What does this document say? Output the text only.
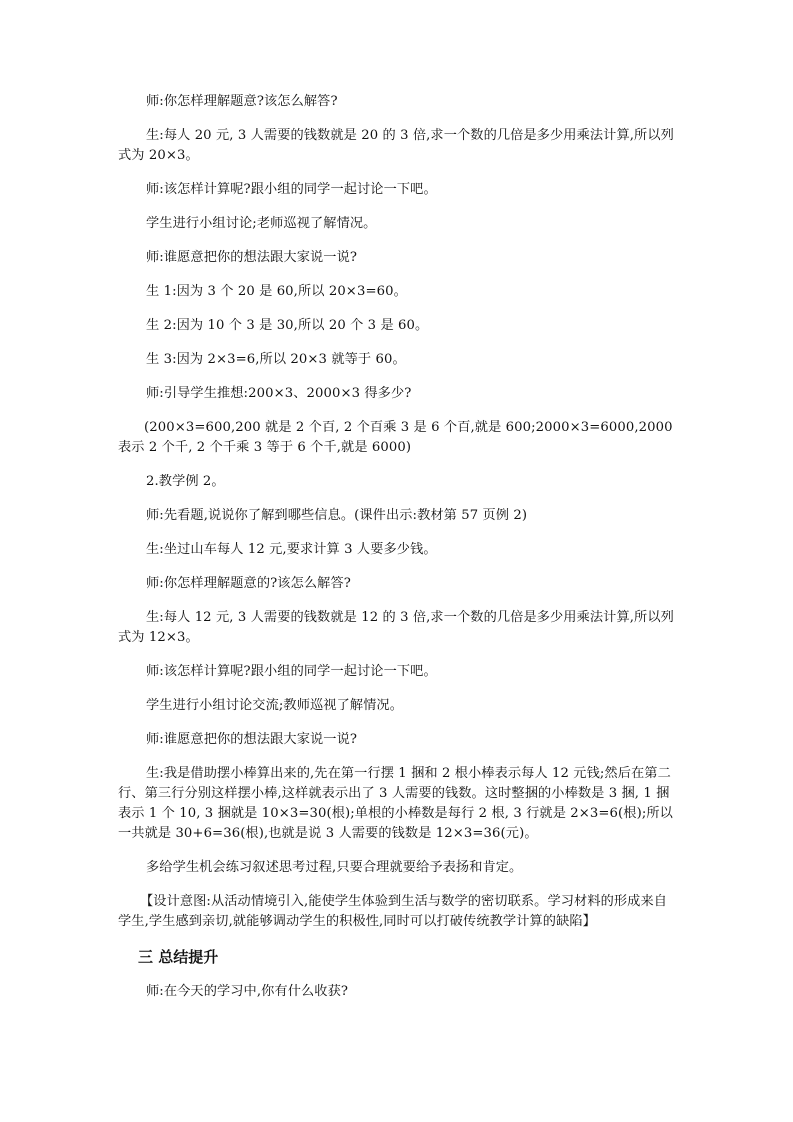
师:你怎样理解题意?该怎么解答?

生:每人 20 元, 3 人需要的钱数就是 20 的 3 倍,求一个数的几倍是多少用乘法计算,所以列式为 20×3。

师:该怎样计算呢?跟小组的同学一起讨论一下吧。

学生进行小组讨论;老师巡视了解情况。

师:谁愿意把你的想法跟大家说一说?

生 1:因为 3 个 20 是 60,所以 20×3=60。

生 2:因为 10 个 3 是 30,所以 20 个 3 是 60。

生 3:因为 2×3=6,所以 20×3 就等于 60。

师:引导学生推想:200×3、2000×3 得多少?

(200×3=600,200 就是 2 个百, 2 个百乘 3 是 6 个百,就是 600;2000×3=6000,2000 表示 2 个千, 2 个千乘 3 等于 6 个千,就是 6000)

2.教学例 2。

师:先看题,说说你了解到哪些信息。(课件出示:教材第 57 页例 2)

生:坐过山车每人 12 元,要求计算 3 人要多少钱。

师:你怎样理解题意的?该怎么解答?

生:每人 12 元, 3 人需要的钱数就是 12 的 3 倍,求一个数的几倍是多少用乘法计算,所以列式为 12×3。

师:该怎样计算呢?跟小组的同学一起讨论一下吧。

学生进行小组讨论交流;教师巡视了解情况。

师:谁愿意把你的想法跟大家说一说?

生:我是借助摆小棒算出来的,先在第一行摆 1 捆和 2 根小棒表示每人 12 元钱;然后在第二行、第三行分别这样摆小棒,这样就表示出了 3 人需要的钱数。这时整捆的小棒数是 3 捆, 1 捆表示 1 个 10, 3 捆就是 10×3=30(根);单根的小棒数是每行 2 根, 3 行就是 2×3=6(根);所以一共就是 30+6=36(根),也就是说 3 人需要的钱数是 12×3=36(元)。

多给学生机会练习叙述思考过程,只要合理就要给予表扬和肯定。

【设计意图:从活动情境引入,能使学生体验到生活与数学的密切联系。学习材料的形成来自学生,学生感到亲切,就能够调动学生的积极性,同时可以打破传统教学计算的缺陷】

三 总结提升

师:在今天的学习中,你有什么收获?
